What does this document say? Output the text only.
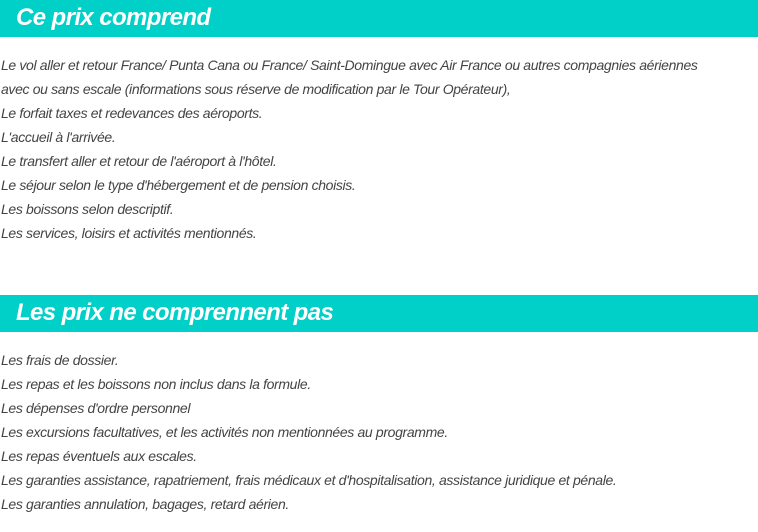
Ce prix comprend
Le vol aller et retour France/ Punta Cana ou France/ Saint-Domingue avec Air France ou autres compagnies aériennes
avec ou sans escale (informations sous réserve de modification par le Tour Opérateur),
Le forfait taxes et redevances des aéroports.
L'accueil à l'arrivée.
Le transfert aller et retour de l'aéroport à l'hôtel.
Le séjour selon le type d'hébergement et de pension choisis.
Les boissons selon descriptif.
Les services, loisirs et activités mentionnés.
Les prix ne comprennent pas
Les frais de dossier.
Les repas et les boissons non inclus dans la formule.
Les dépenses d'ordre personnel
Les excursions facultatives, et les activités non mentionnées au programme.
Les repas éventuels aux escales.
Les garanties assistance, rapatriement, frais médicaux et d'hospitalisation, assistance juridique et pénale.
Les garanties annulation, bagages, retard aérien.
